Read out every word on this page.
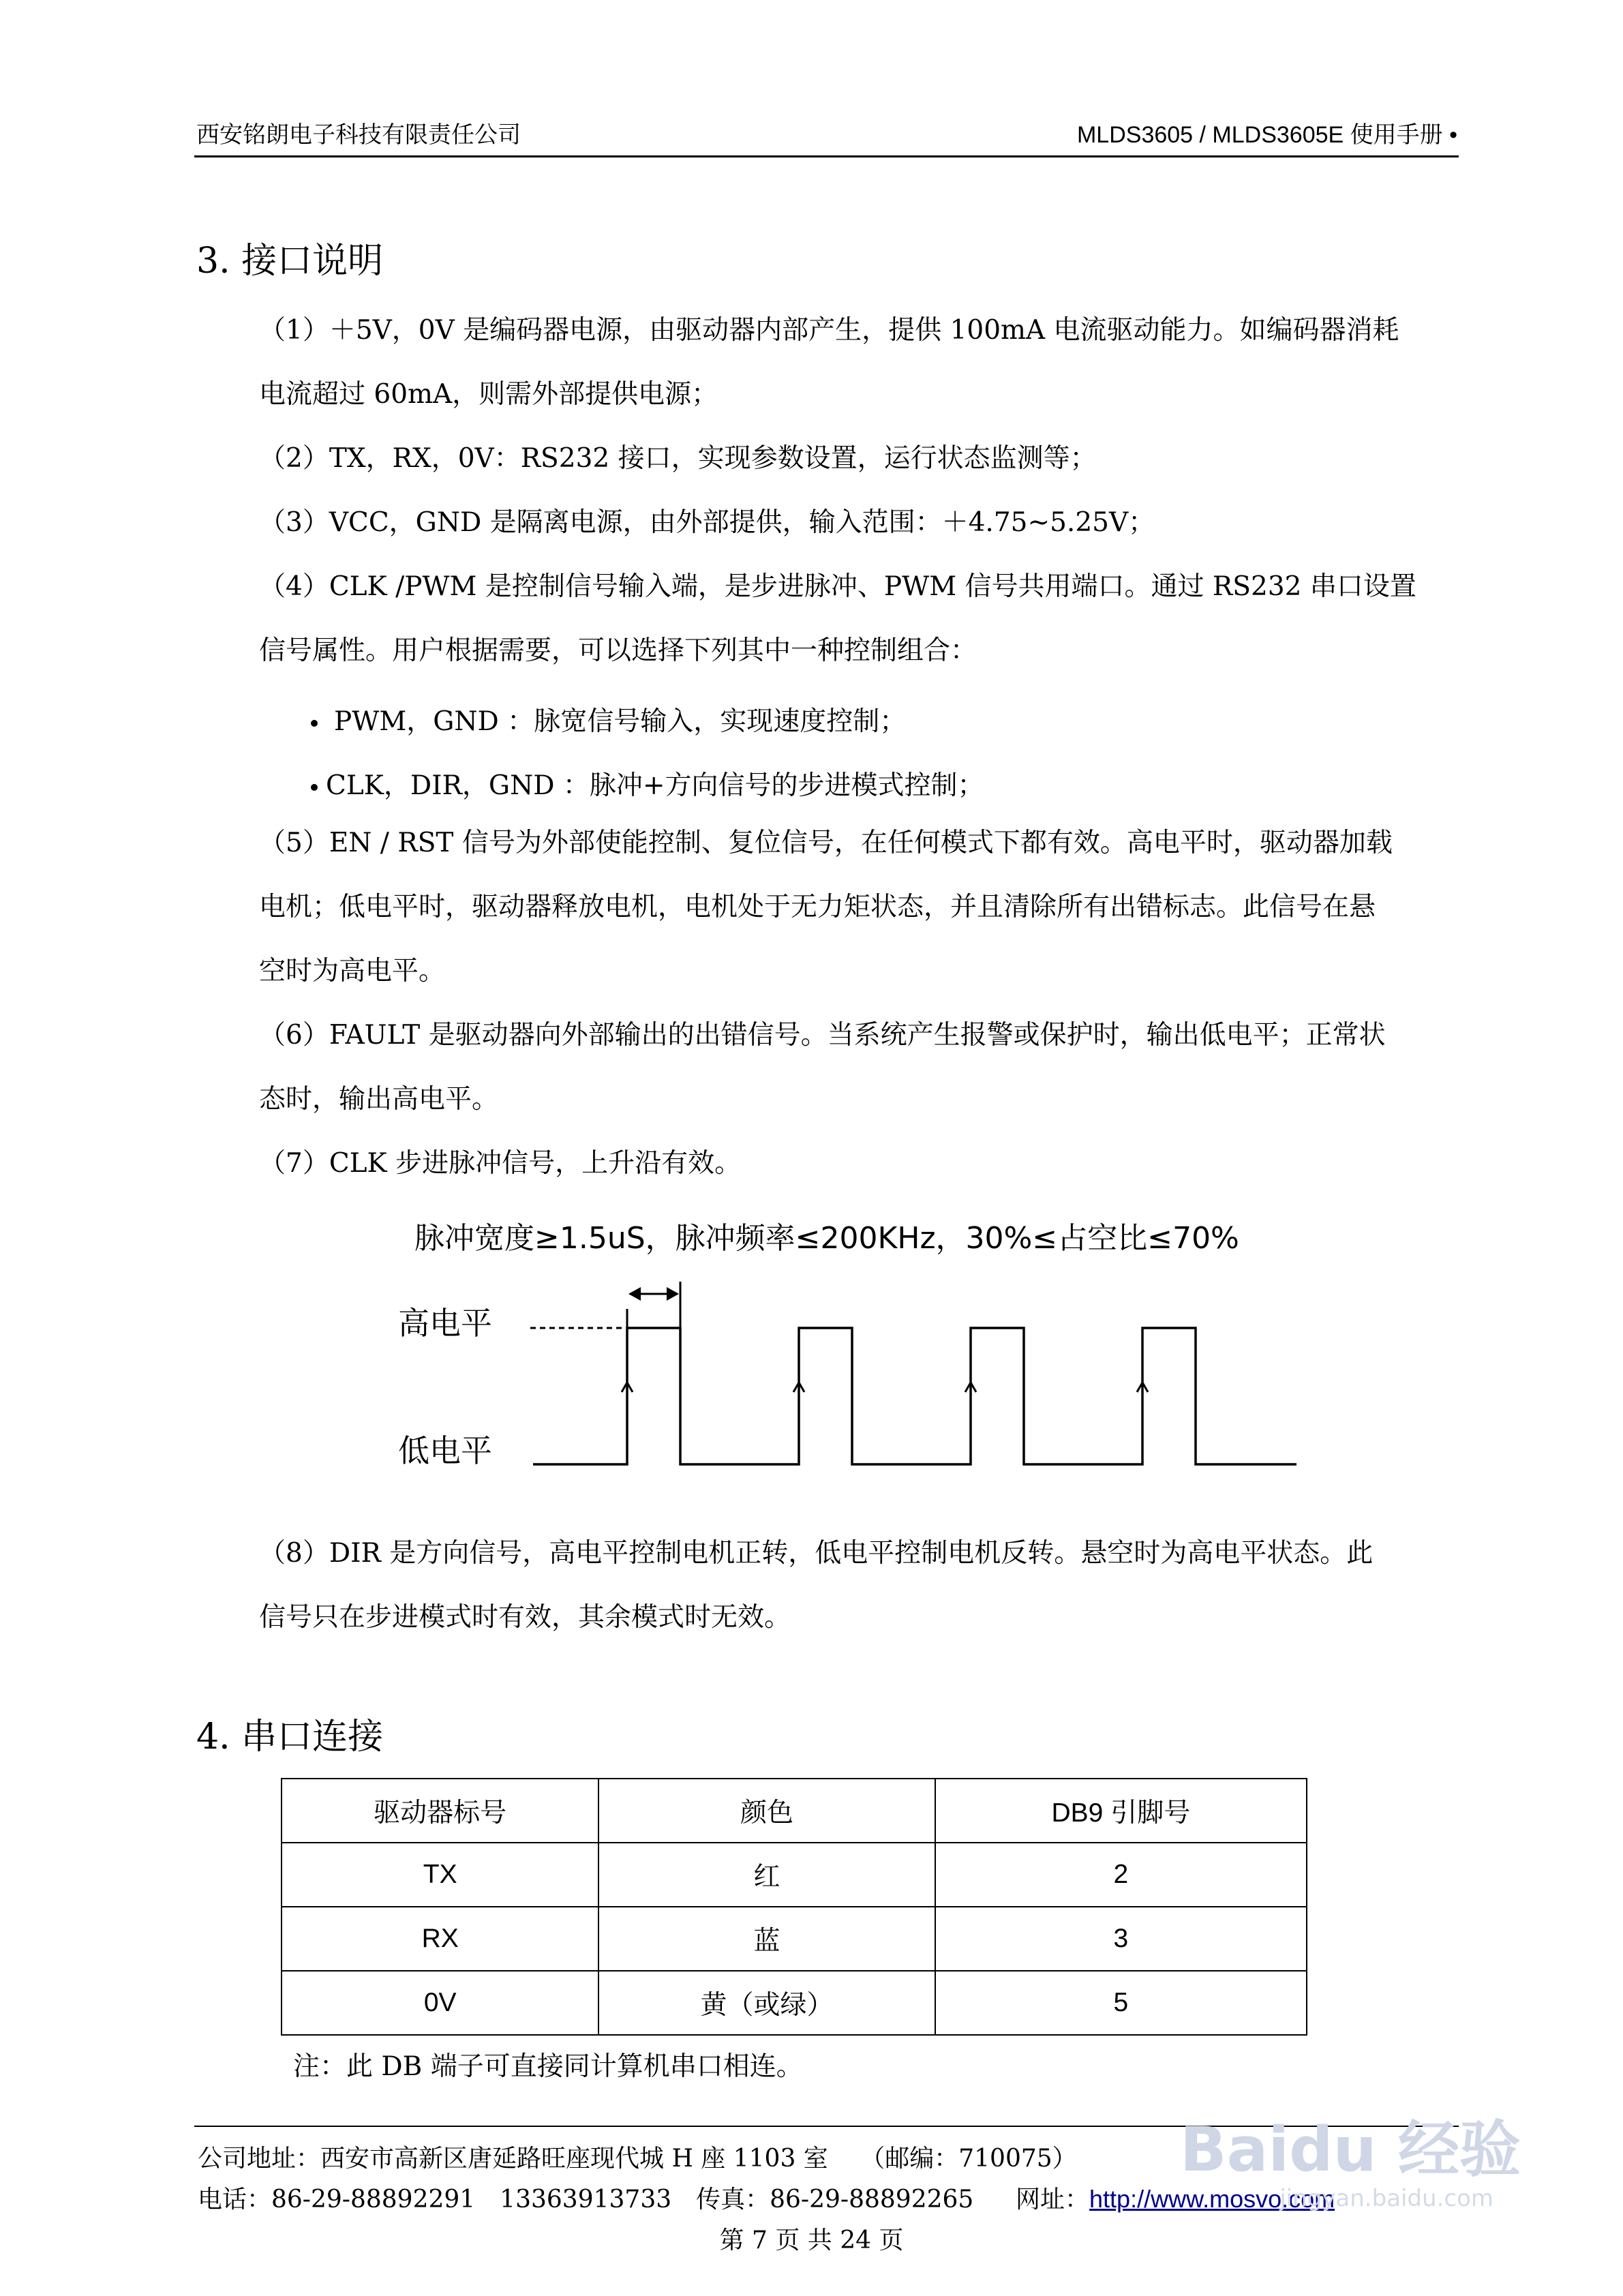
西安铭朗电子科技有限责任公司	MLDS3605 / MLDS3605E 使用手册 •
3. 接口说明
（1）＋5V，0V 是编码器电源，由驱动器内部产生，提供 100mA 电流驱动能力。如编码器消耗
电流超过 60mA，则需外部提供电源；
（2）TX，RX，0V：RS232 接口，实现参数设置，运行状态监测等；
（3）VCC，GND 是隔离电源，由外部提供，输入范围：＋4.75~5.25V；
（4）CLK /PWM 是控制信号输入端，是步进脉冲、PWM 信号共用端口。通过 RS232 串口设置
信号属性。用户根据需要，可以选择下列其中一种控制组合：
PWM，GND ：脉宽信号输入，实现速度控制；
CLK，DIR，GND ：脉冲+方向信号的步进模式控制；
（5）EN / RST 信号为外部使能控制、复位信号，在任何模式下都有效。高电平时，驱动器加载
电机；低电平时，驱动器释放电机，电机处于无力矩状态，并且清除所有出错标志。此信号在悬
空时为高电平。
（6）FAULT 是驱动器向外部输出的出错信号。当系统产生报警或保护时，输出低电平；正常状
态时，输出高电平。
（7）CLK 步进脉冲信号，上升沿有效。
脉冲宽度≥1.5uS，脉冲频率≤200KHz，30%≤占空比≤70%
高电平
低电平
（8）DIR 是方向信号，高电平控制电机正转，低电平控制电机反转。悬空时为高电平状态。此
信号只在步进模式时有效，其余模式时无效。
4. 串口连接
驱动器标号	颜色	DB9 引脚号
TX	红	2
RX	蓝	3
0V	黄（或绿）	5
注：此 DB 端子可直接同计算机串口相连。
公司地址：西安市高新区唐延路旺座现代城 H 座 1103 室　 （邮编：710075）
电话：86-29-88892291　13363913733　传真：86-29-88892265 网址：http://www.mosvo.com
第 7 页 共 24 页
Baidu 经验
jingyan.baidu.com
